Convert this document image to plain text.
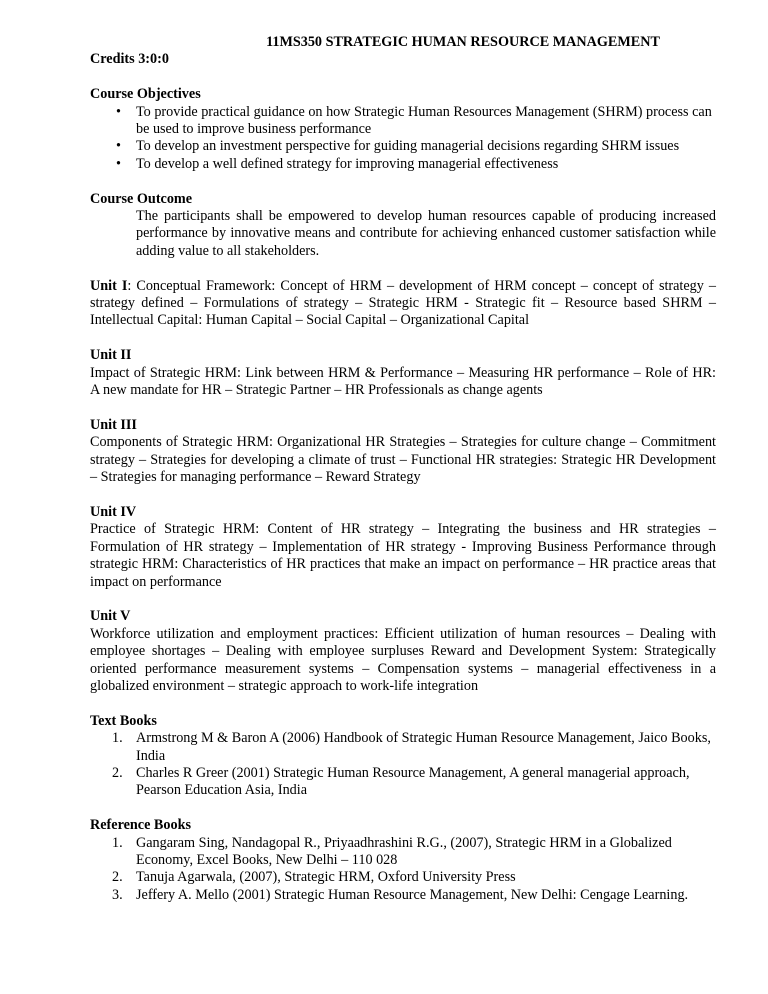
11MS350 STRATEGIC HUMAN RESOURCE MANAGEMENT
Credits 3:0:0
Course Objectives
• To provide practical guidance on how Strategic Human Resources Management (SHRM) process can be used to improve business performance
• To develop an investment perspective for guiding managerial decisions regarding SHRM issues
• To develop a well defined strategy for improving managerial effectiveness
Course Outcome
The participants shall be empowered to develop human resources capable of producing increased performance by innovative means and contribute for achieving enhanced customer satisfaction while adding value to all stakeholders.
Unit I: Conceptual Framework: Concept of HRM – development of HRM concept – concept of strategy – strategy defined – Formulations of strategy – Strategic HRM - Strategic fit – Resource based SHRM – Intellectual Capital: Human Capital – Social Capital – Organizational Capital
Unit II
Impact of Strategic HRM: Link between HRM & Performance – Measuring HR performance – Role of HR: A new mandate for HR – Strategic Partner – HR Professionals as change agents
Unit III
Components of Strategic HRM: Organizational HR Strategies – Strategies for culture change – Commitment strategy – Strategies for developing a climate of trust – Functional HR strategies: Strategic HR Development – Strategies for managing performance – Reward Strategy
Unit IV
Practice of Strategic HRM: Content of HR strategy – Integrating the business and HR strategies – Formulation of HR strategy – Implementation of HR strategy - Improving Business Performance through strategic HRM: Characteristics of HR practices that make an impact on performance – HR practice areas that impact on performance
Unit V
Workforce utilization and employment practices: Efficient utilization of human resources – Dealing with employee shortages – Dealing with employee surpluses Reward and Development System: Strategically oriented performance measurement systems – Compensation systems – managerial effectiveness in a globalized environment – strategic approach to work-life integration
Text Books
1. Armstrong M & Baron A (2006) Handbook of Strategic Human Resource Management, Jaico Books, India
2. Charles R Greer (2001) Strategic Human Resource Management, A general managerial approach, Pearson Education Asia, India
Reference Books
1. Gangaram Sing, Nandagopal R., Priyaadhrashini R.G., (2007), Strategic HRM in a Globalized Economy, Excel Books, New Delhi – 110 028
2. Tanuja Agarwala, (2007), Strategic HRM, Oxford University Press
3. Jeffery A. Mello (2001) Strategic Human Resource Management, New Delhi: Cengage Learning.
